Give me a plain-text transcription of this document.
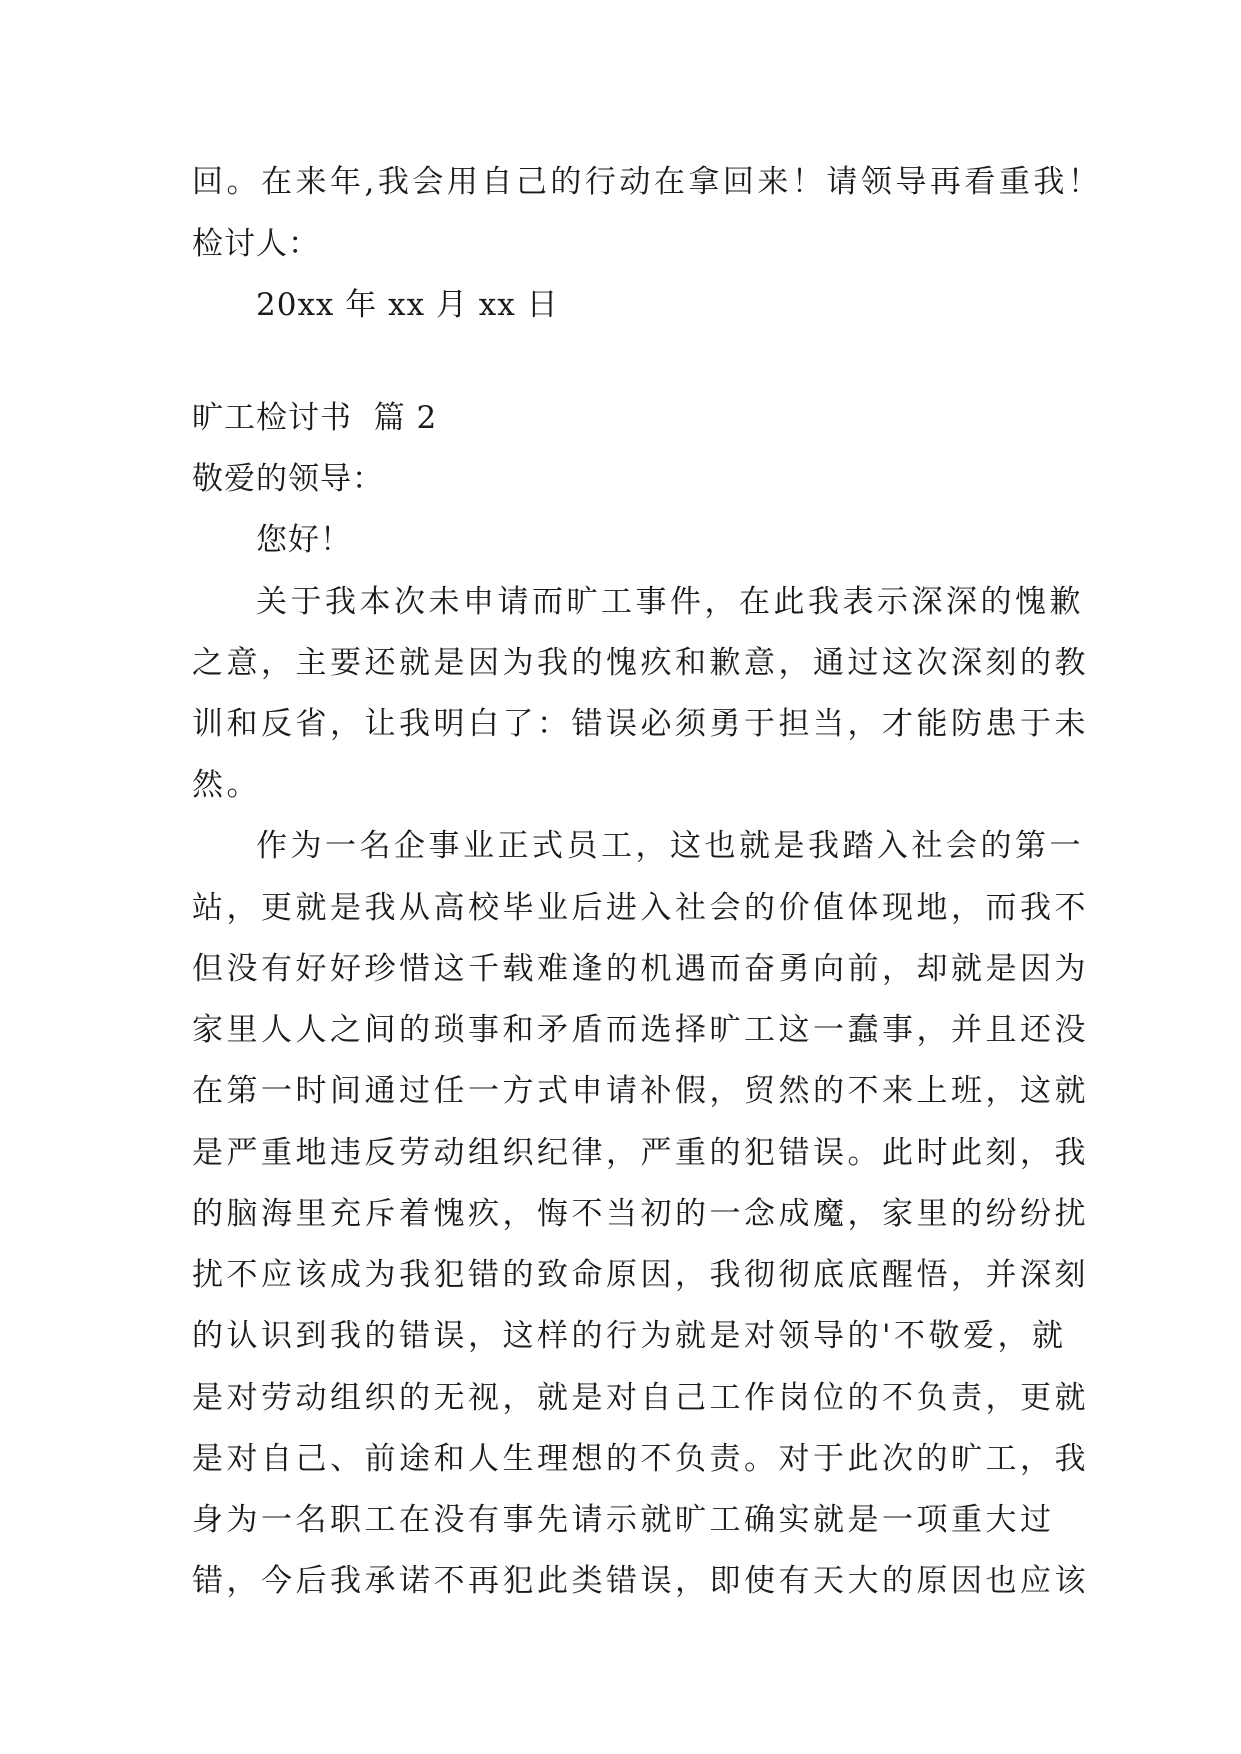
回。在来年,我会用自己的行动在拿回来！请领导再看重我！

检讨人：

20xx 年 xx 月 xx 日

旷工检讨书  篇 2

敬爱的领导：

您好！

关于我本次未申请而旷工事件，在此我表示深深的愧歉

之意，主要还就是因为我的愧疚和歉意，通过这次深刻的教

训和反省，让我明白了：错误必须勇于担当，才能防患于未

然。

作为一名企事业正式员工，这也就是我踏入社会的第一

站，更就是我从高校毕业后进入社会的价值体现地，而我不

但没有好好珍惜这千载难逢的机遇而奋勇向前，却就是因为

家里人人之间的琐事和矛盾而选择旷工这一蠢事，并且还没

在第一时间通过任一方式申请补假，贸然的不来上班，这就

是严重地违反劳动组织纪律，严重的犯错误。此时此刻，我

的脑海里充斥着愧疚，悔不当初的一念成魔，家里的纷纷扰

扰不应该成为我犯错的致命原因，我彻彻底底醒悟，并深刻

的认识到我的错误，这样的行为就是对领导的'不敬爱，就

是对劳动组织的无视，就是对自己工作岗位的不负责，更就

是对自己、前途和人生理想的不负责。对于此次的旷工，我

身为一名职工在没有事先请示就旷工确实就是一项重大过

错，今后我承诺不再犯此类错误，即使有天大的原因也应该
